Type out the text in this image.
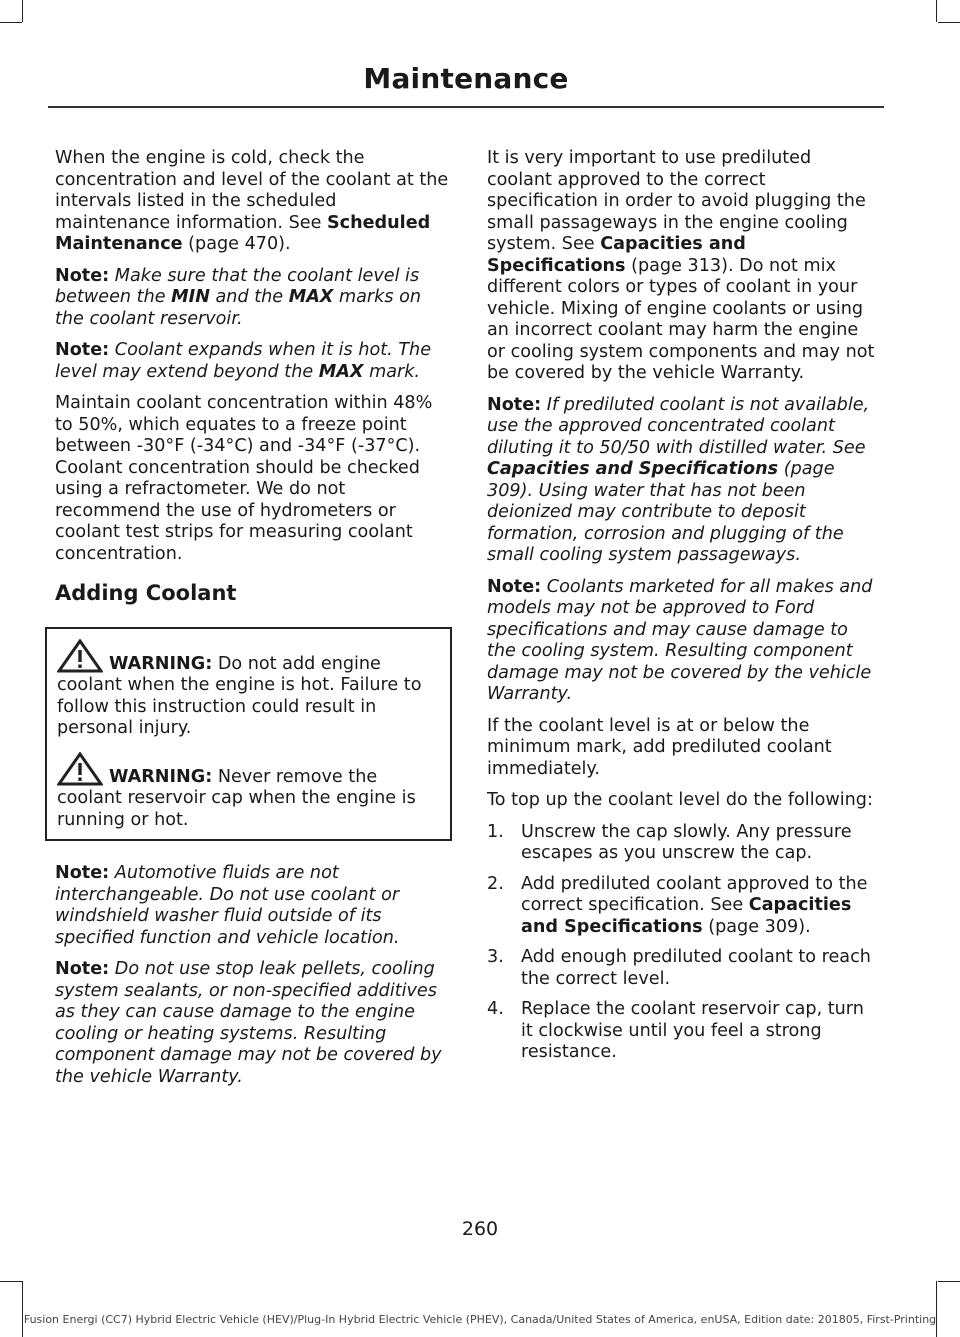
Maintenance

When the engine is cold, check the concentration and level of the coolant at the intervals listed in the scheduled maintenance information. See Scheduled Maintenance (page 470).

Note: Make sure that the coolant level is between the MIN and the MAX marks on the coolant reservoir.

Note: Coolant expands when it is hot. The level may extend beyond the MAX mark.

Maintain coolant concentration within 48% to 50%, which equates to a freeze point between -30°F (-34°C) and -34°F (-37°C). Coolant concentration should be checked using a refractometer. We do not recommend the use of hydrometers or coolant test strips for measuring coolant concentration.

Adding Coolant
WARNING: Do not add engine coolant when the engine is hot. Failure to follow this instruction could result in personal injury.
WARNING: Never remove the coolant reservoir cap when the engine is running or hot.

Note: Automotive fluids are not interchangeable. Do not use coolant or windshield washer fluid outside of its specified function and vehicle location.

Note: Do not use stop leak pellets, cooling system sealants, or non-specified additives as they can cause damage to the engine cooling or heating systems. Resulting component damage may not be covered by the vehicle Warranty.

It is very important to use prediluted coolant approved to the correct specification in order to avoid plugging the small passageways in the engine cooling system. See Capacities and Specifications (page 313). Do not mix different colors or types of coolant in your vehicle. Mixing of engine coolants or using an incorrect coolant may harm the engine or cooling system components and may not be covered by the vehicle Warranty.

Note: If prediluted coolant is not available, use the approved concentrated coolant diluting it to 50/50 with distilled water. See Capacities and Specifications (page 309). Using water that has not been deionized may contribute to deposit formation, corrosion and plugging of the small cooling system passageways.

Note: Coolants marketed for all makes and models may not be approved to Ford specifications and may cause damage to the cooling system. Resulting component damage may not be covered by the vehicle Warranty.

If the coolant level is at or below the minimum mark, add prediluted coolant immediately.

To top up the coolant level do the following:

1. Unscrew the cap slowly. Any pressure escapes as you unscrew the cap.
2. Add prediluted coolant approved to the correct specification. See Capacities and Specifications (page 309).
3. Add enough prediluted coolant to reach the correct level.
4. Replace the coolant reservoir cap, turn it clockwise until you feel a strong resistance.
260
Fusion Energi (CC7) Hybrid Electric Vehicle (HEV)/Plug-In Hybrid Electric Vehicle (PHEV), Canada/United States of America, enUSA, Edition date: 201805, First-Printing
